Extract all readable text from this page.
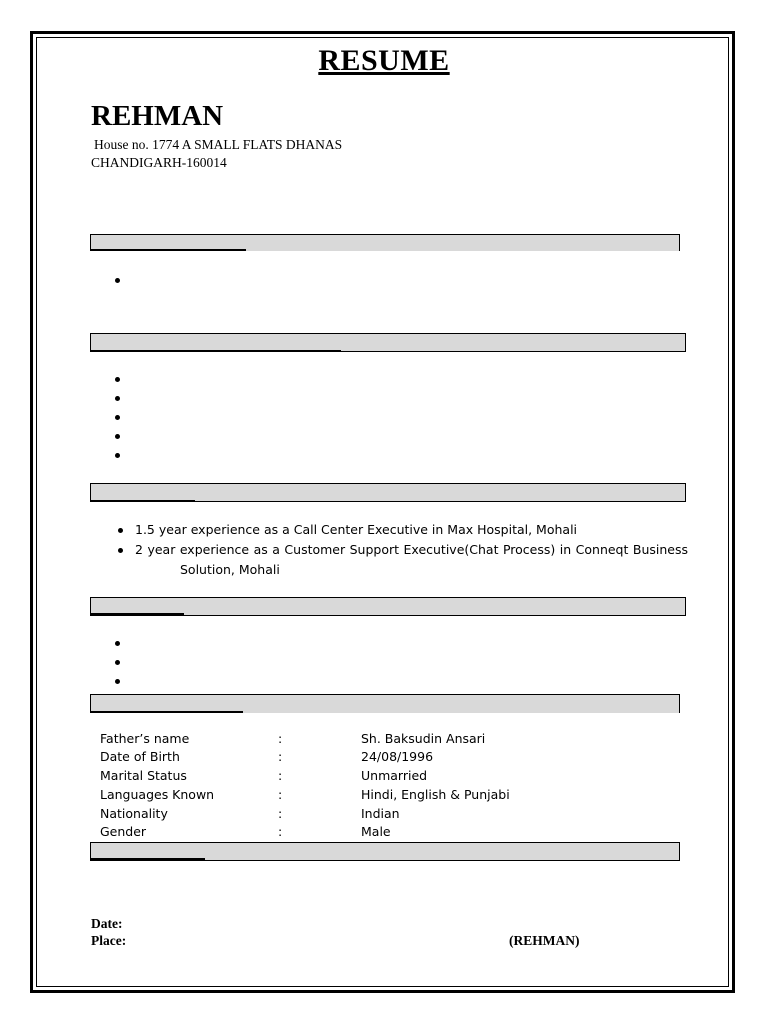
RESUME
REHMAN
House no. 1774 A SMALL FLATS DHANAS
CHANDIGARH-160014
1.5 year experience as a Call Center Executive in Max Hospital, Mohali
2 year experience as a Customer Support Executive(Chat Process) in Conneqt Business
Solution, Mohali
Father’s name	:	Sh. Baksudin Ansari
Date of Birth	:	24/08/1996
Marital Status	:	Unmarried
Languages Known	:	Hindi, English & Punjabi
Nationality	:	Indian
Gender	:	Male
Date:
Place:	(REHMAN)
